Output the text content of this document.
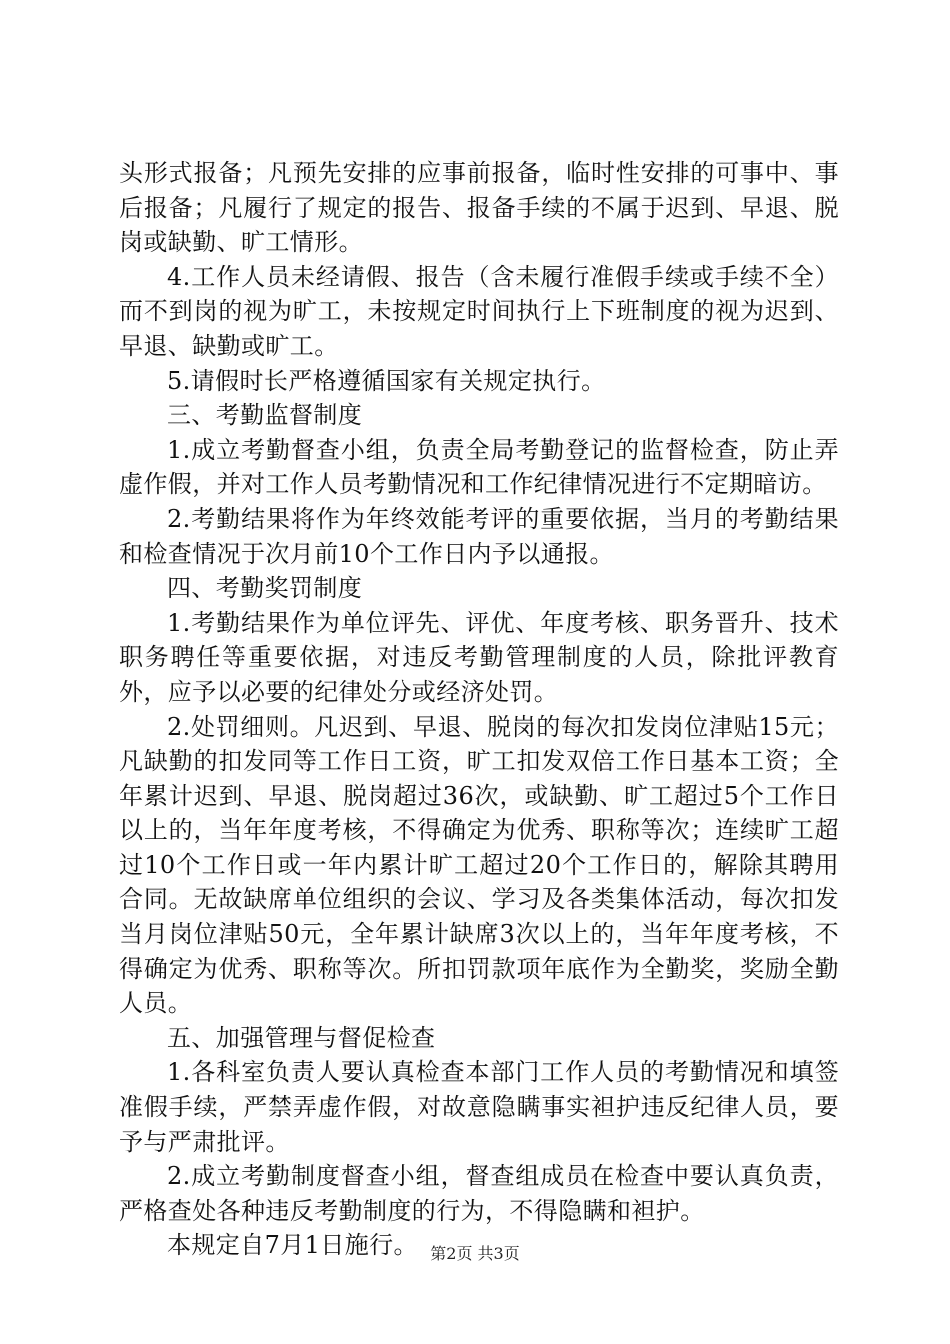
头形式报备；凡预先安排的应事前报备，临时性安排的可事中、事后报备；凡履行了规定的报告、报备手续的不属于迟到、早退、脱岗或缺勤、旷工情形。

4.工作人员未经请假、报告（含未履行准假手续或手续不全）而不到岗的视为旷工，未按规定时间执行上下班制度的视为迟到、早退、缺勤或旷工。

5.请假时长严格遵循国家有关规定执行。

三、考勤监督制度

1.成立考勤督查小组，负责全局考勤登记的监督检查，防止弄虚作假，并对工作人员考勤情况和工作纪律情况进行不定期暗访。

2.考勤结果将作为年终效能考评的重要依据，当月的考勤结果和检查情况于次月前10个工作日内予以通报。

四、考勤奖罚制度

1.考勤结果作为单位评先、评优、年度考核、职务晋升、技术职务聘任等重要依据，对违反考勤管理制度的人员，除批评教育外，应予以必要的纪律处分或经济处罚。

2.处罚细则。凡迟到、早退、脱岗的每次扣发岗位津贴15元；凡缺勤的扣发同等工作日工资，旷工扣发双倍工作日基本工资；全年累计迟到、早退、脱岗超过36次，或缺勤、旷工超过5个工作日以上的，当年年度考核，不得确定为优秀、职称等次；连续旷工超过10个工作日或一年内累计旷工超过20个工作日的，解除其聘用合同。无故缺席单位组织的会议、学习及各类集体活动，每次扣发当月岗位津贴50元，全年累计缺席3次以上的，当年年度考核，不得确定为优秀、职称等次。所扣罚款项年底作为全勤奖，奖励全勤人员。

五、加强管理与督促检查

1.各科室负责人要认真检查本部门工作人员的考勤情况和填签准假手续，严禁弄虚作假，对故意隐瞒事实袒护违反纪律人员，要予与严肃批评。

2.成立考勤制度督查小组，督查组成员在检查中要认真负责，严格查处各种违反考勤制度的行为，不得隐瞒和袒护。

本规定自7月1日施行。 第2页 共3页
